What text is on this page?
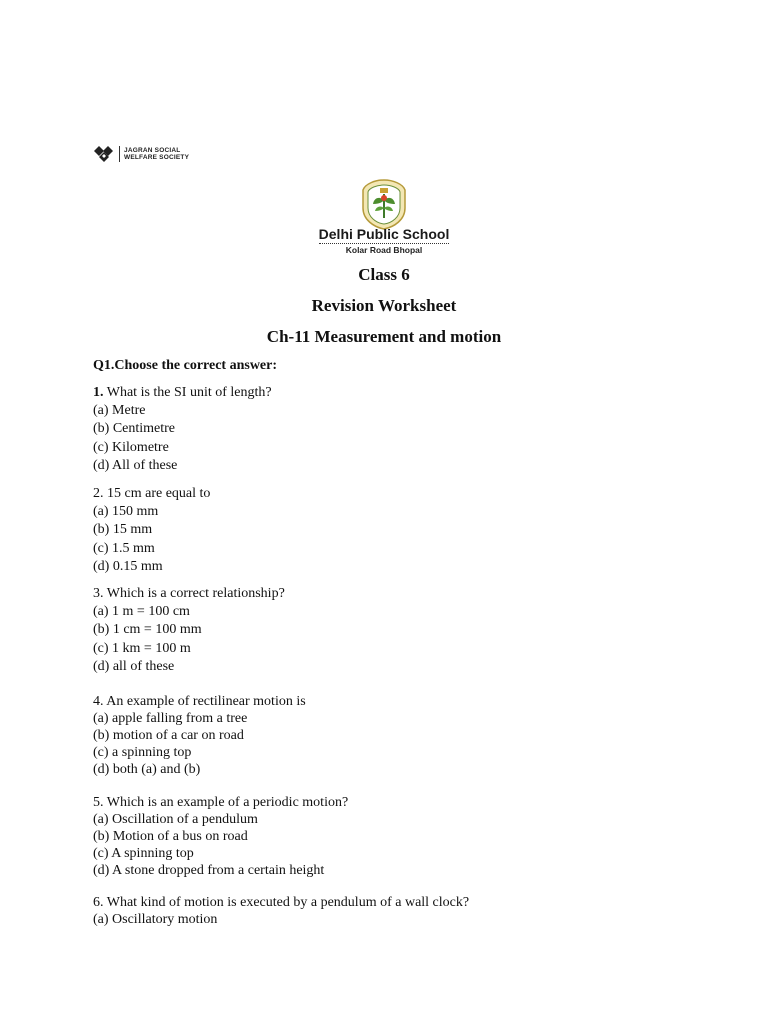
JAGRAN SOCIAL
WELFARE SOCIETY
Delhi Public School
Kolar Road Bhopal
Class 6
Revision Worksheet
Ch-11 Measurement and motion
Q1.Choose the correct answer:
1. What is the SI unit of length?
(a) Metre
(b) Centimetre
(c) Kilometre
(d) All of these
2. 15 cm are equal to
(a) 150 mm
(b) 15 mm
(c) 1.5 mm
(d) 0.15 mm
3. Which is a correct relationship?
(a) 1 m = 100 cm
(b) 1 cm = 100 mm
(c) 1 km = 100 m
(d) all of these
4. An example of rectilinear motion is
(a) apple falling from a tree
(b) motion of a car on road
(c) a spinning top
(d) both (a) and (b)
5. Which is an example of a periodic motion?
(a) Oscillation of a pendulum
(b) Motion of a bus on road
(c) A spinning top
(d) A stone dropped from a certain height
6. What kind of motion is executed by a pendulum of a wall clock?
(a) Oscillatory motion
